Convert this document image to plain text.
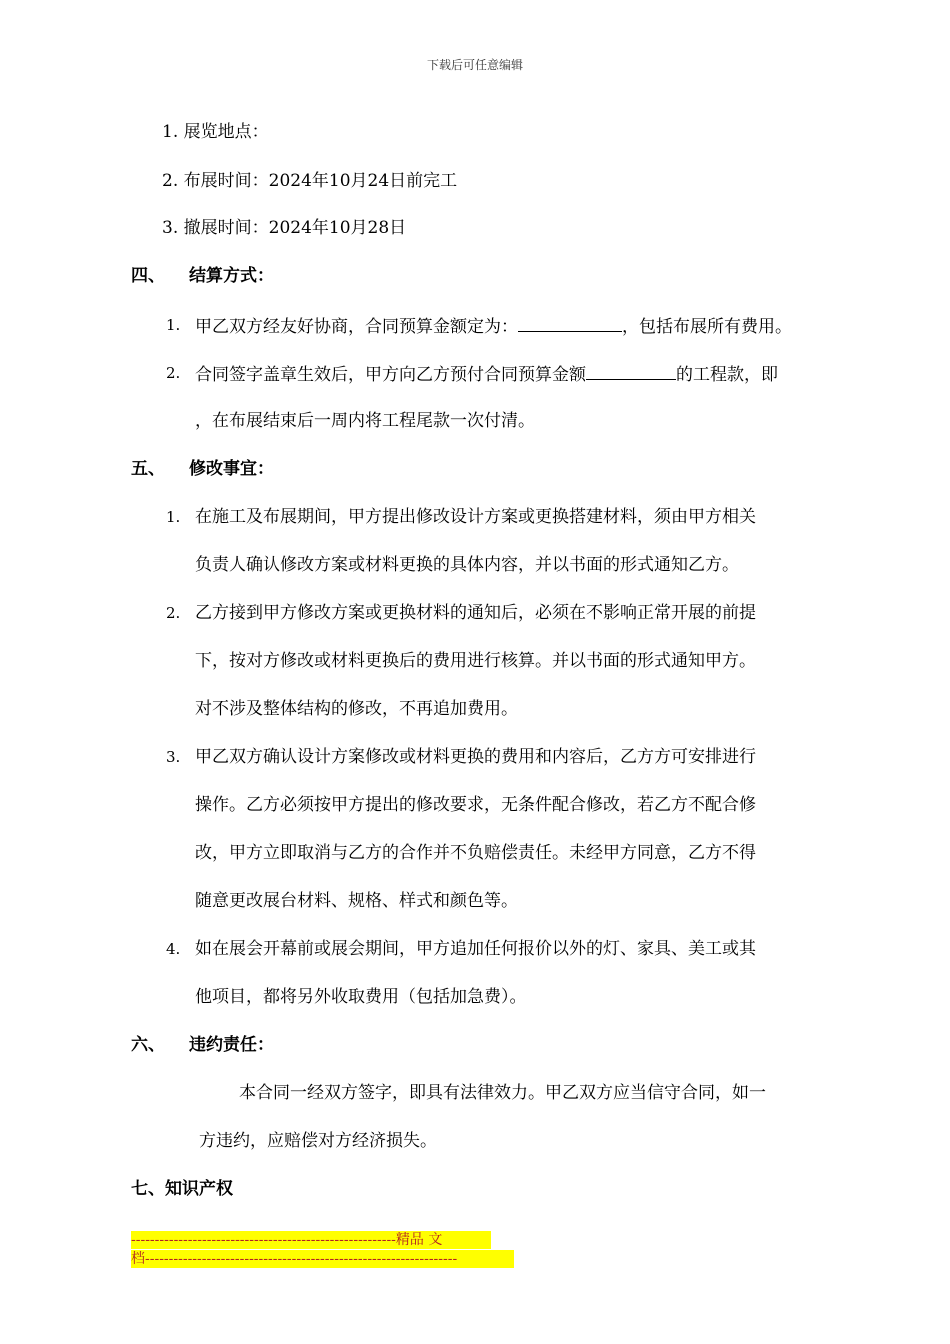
下载后可任意编辑
1. 展览地点：
2. 布展时间：2024年10月24日前完工
3. 撤展时间：2024年10月28日
四、 结算方式：
1. 甲乙双方经友好协商，合同预算金额定为：	，包括布展所有费用。
2. 合同签字盖章生效后，甲方向乙方预付合同预算金额	的工程款，即
，在布展结束后一周内将工程尾款一次付清。
五、 修改事宜：
1. 在施工及布展期间，甲方提出修改设计方案或更换搭建材料，须由甲方相关
负责人确认修改方案或材料更换的具体内容，并以书面的形式通知乙方。
2. 乙方接到甲方修改方案或更换材料的通知后，必须在不影响正常开展的前提
下，按对方修改或材料更换后的费用进行核算。并以书面的形式通知甲方。
对不涉及整体结构的修改，不再追加费用。
3. 甲乙双方确认设计方案修改或材料更换的费用和内容后，乙方方可安排进行
操作。乙方必须按甲方提出的修改要求，无条件配合修改，若乙方不配合修
改，甲方立即取消与乙方的合作并不负赔偿责任。未经甲方同意，乙方不得
随意更改展台材料、规格、样式和颜色等。
4. 如在展会开幕前或展会期间，甲方追加任何报价以外的灯、家具、美工或其
他项目，都将另外收取费用（包括加急费）。
六、 违约责任：
本合同一经双方签字，即具有法律效力。甲乙双方应当信守合同，如一
方违约，应赔偿对方经济损失。
七、知识产权
--------------------------------------------------------精品 文
档------------------------------------------------------------------
